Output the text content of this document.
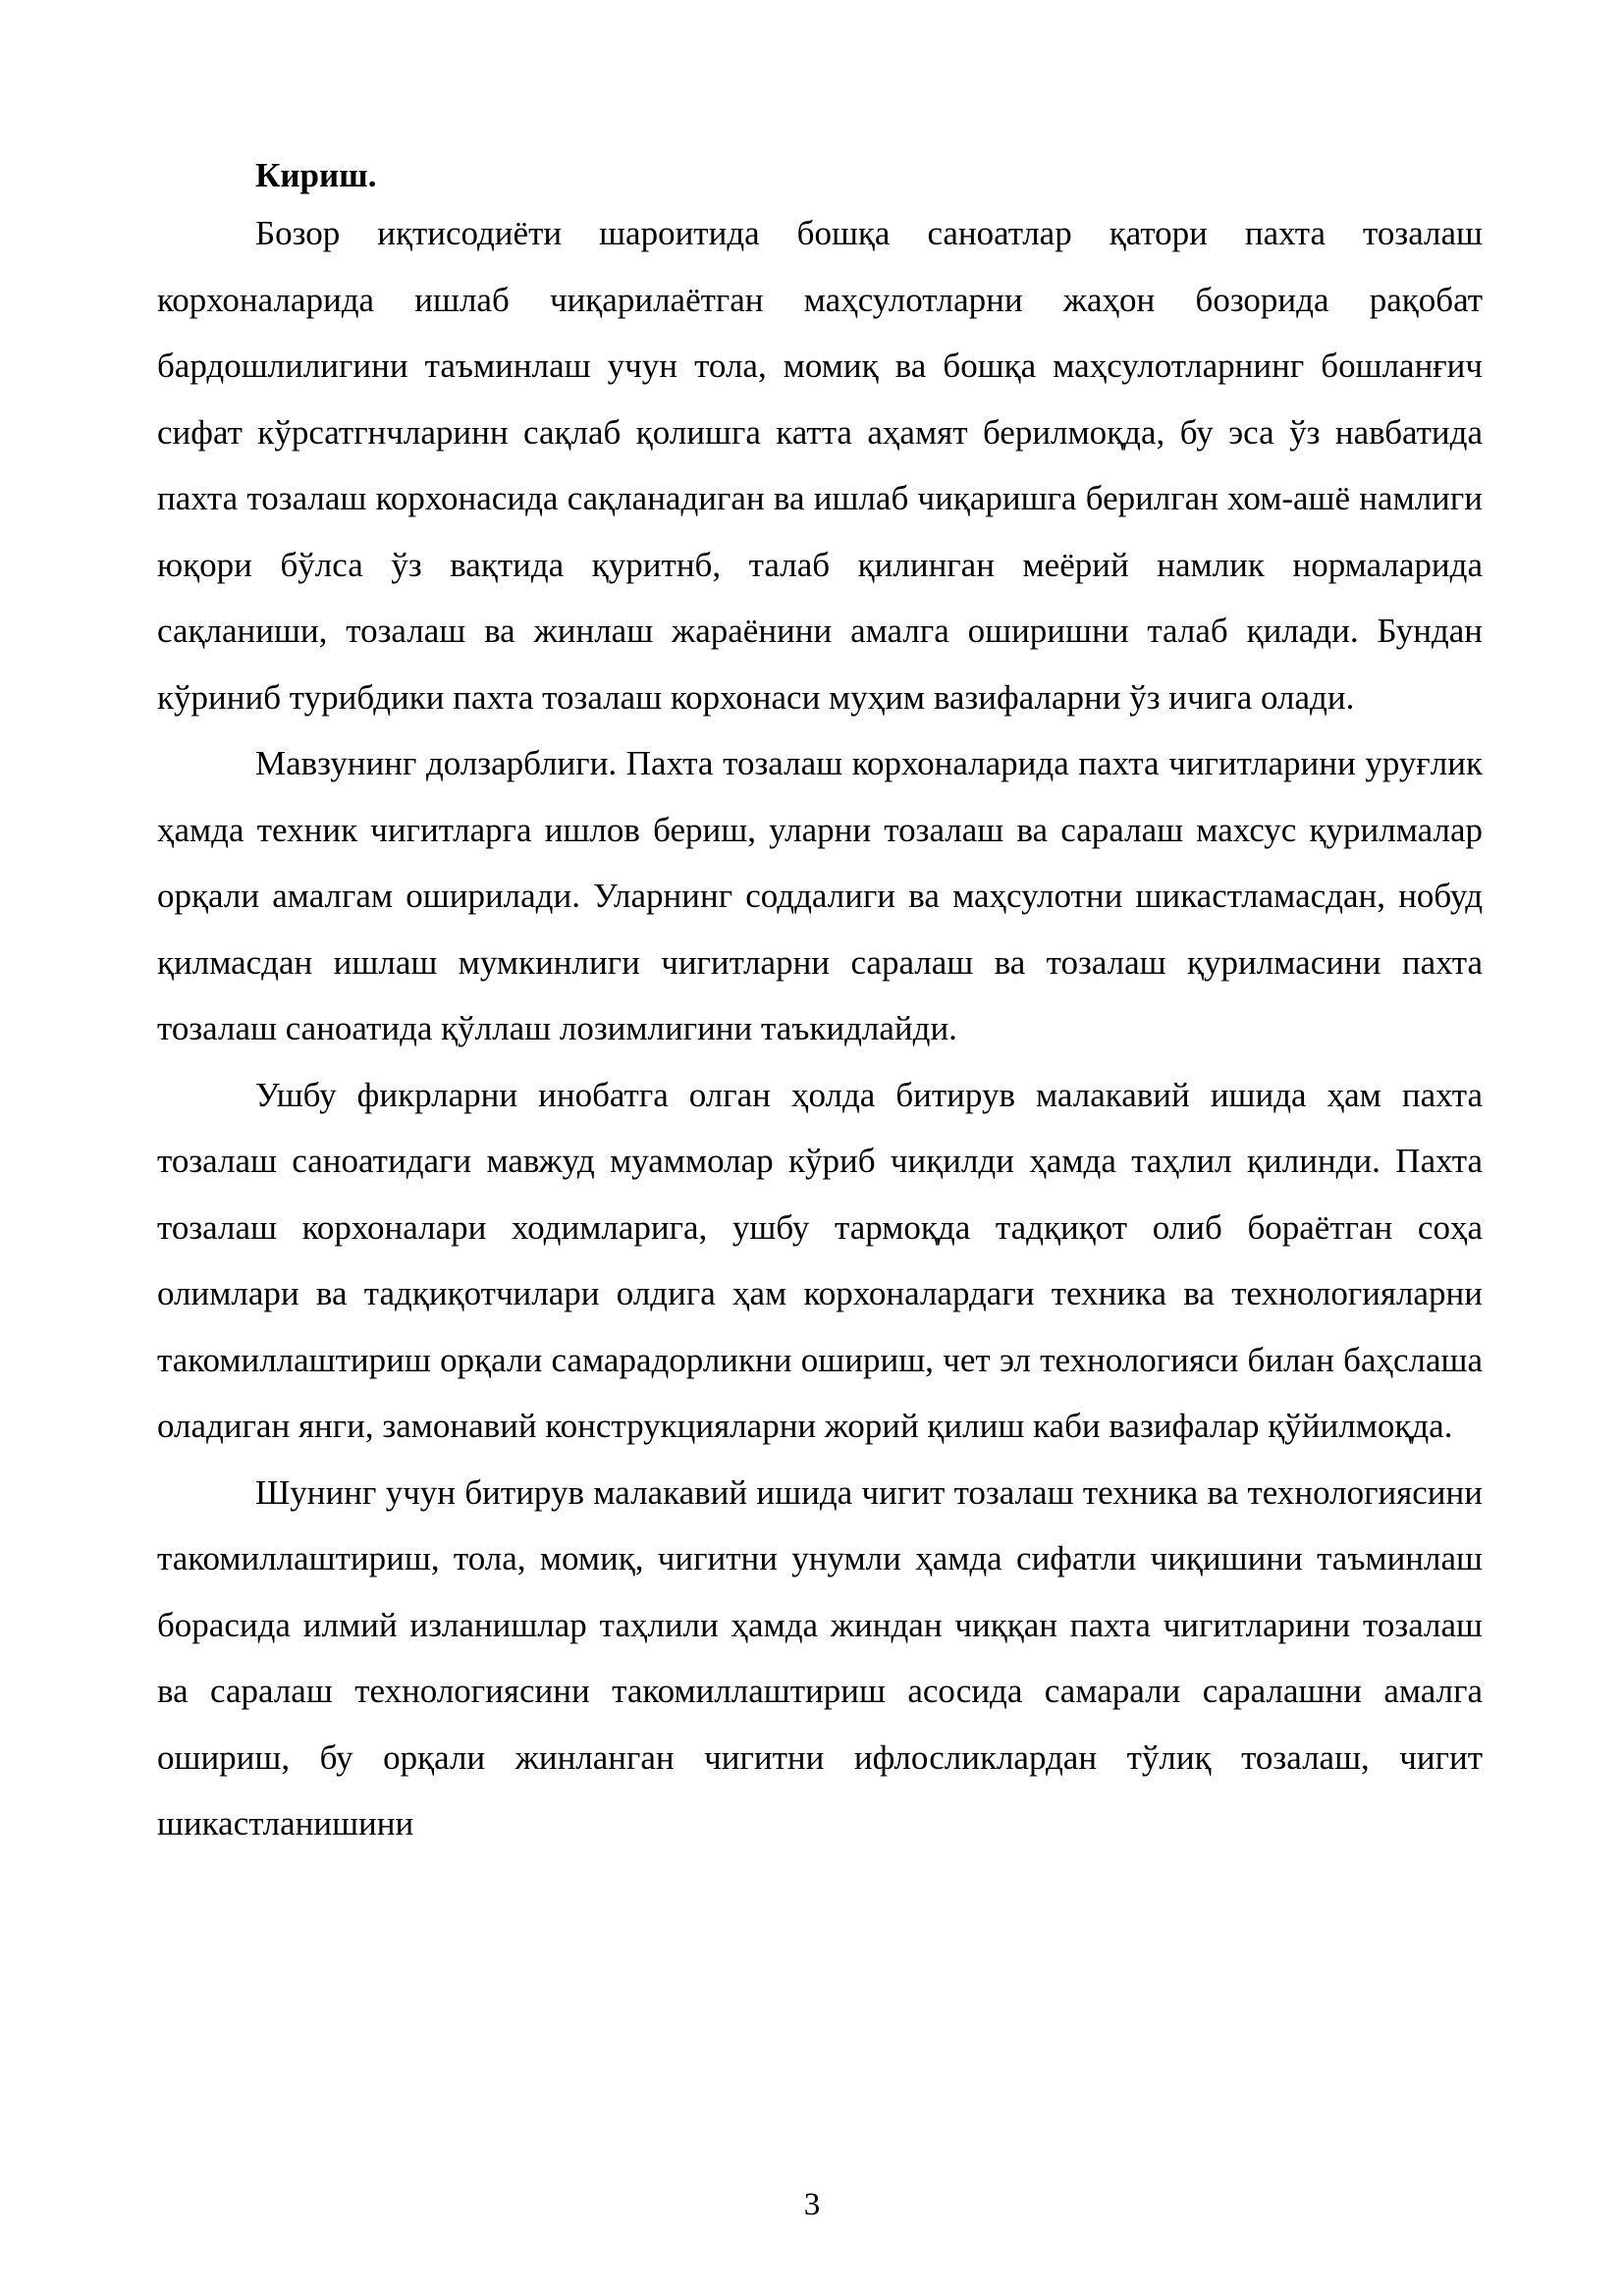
Кириш.

Бозор иқтисодиёти шароитида бошқа саноатлар қатори пахта тозалаш корхоналарида ишлаб чиқарилаётган маҳсулотларни жаҳон бозорида рақобат бардошлилигини таъминлаш учун тола, момиқ ва бошқа маҳсулотларнинг бошланғич сифат кўрсатгнчларинн сақлаб қолишга катта аҳамят берилмоқда, бу эса ўз навбатида пахта тозалаш корхонасида сақланадиган ва ишлаб чиқаришга берилган хом-ашё намлиги юқори бўлса ўз вақтида қуритнб, талаб қилинган меёрий намлик нормаларида сақланиши, тозалаш ва жинлаш жараёнини амалга оширишни талаб қилади. Бундан кўриниб турибдики пахта тозалаш корхонаси муҳим вазифаларни ўз ичига олади.

Мавзунинг долзарблиги. Пахта тозалаш корхоналарида пахта чигитларини уруғлик ҳамда техник чигитларга ишлов бериш, уларни тозалаш ва саралаш махсус қурилмалар орқали амалгам оширилади. Уларнинг соддалиги ва маҳсулотни шикастламасдан, нобуд қилмасдан ишлаш мумкинлиги чигитларни саралаш ва тозалаш қурилмасини пахта тозалаш саноатида қўллаш лозимлигини таъкидлайди.

Ушбу фикрларни инобатга олган ҳолда битирув малакавий ишида ҳам пахта тозалаш саноатидаги мавжуд муаммолар кўриб чиқилди ҳамда таҳлил қилинди. Пахта тозалаш корхоналари ходимларига, ушбу тармоқда тадқиқот олиб бораётган соҳа олимлари ва тадқиқотчилари олдига ҳам корхоналардаги техника ва технологияларни такомиллаштириш орқали самарадорликни ошириш, чет эл технологияси билан баҳслаша оладиган янги, замонавий конструкцияларни жорий қилиш каби вазифалар қўйилмоқда.

Шунинг учун битирув малакавий ишида чигит тозалаш техника ва технологиясини такомиллаштириш, тола, момиқ, чигитни унумли ҳамда сифатли чиқишини таъминлаш борасида илмий изланишлар таҳлили ҳамда жиндан чиққан пахта чигитларини тозалаш ва саралаш технологиясини такомиллаштириш асосида самарали саралашни амалга ошириш, бу орқали жинланган чигитни ифлосликлардан тўлиқ тозалаш, чигит шикастланишини

3
